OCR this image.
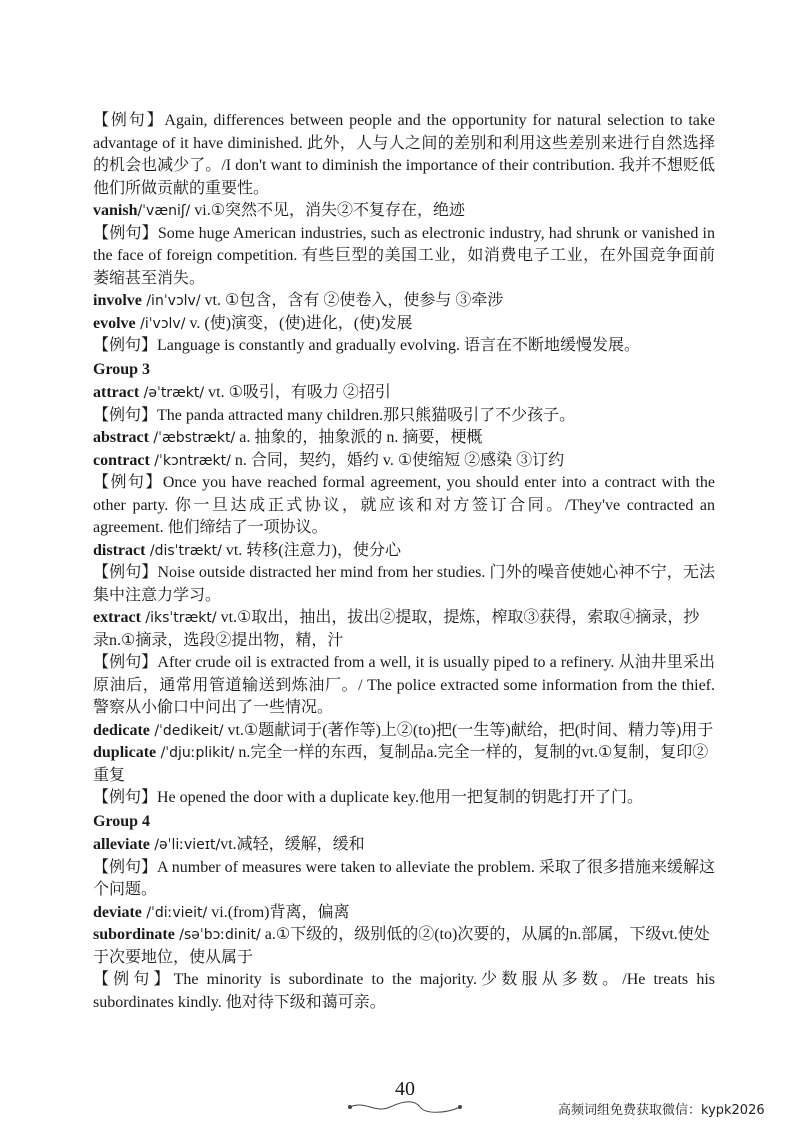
【例句】Again, differences between people and the opportunity for natural selection to take advantage of it have diminished. 此外，人与人之间的差别和利用这些差别来进行自然选择的机会也减少了。/I don't want to diminish the importance of their contribution. 我并不想贬低他们所做贡献的重要性。

vanish/ˈvæniʃ/ vi.①突然不见，消失②不复存在，绝迹

【例句】Some huge American industries, such as electronic industry, had shrunk or vanished in the face of foreign competition. 有些巨型的美国工业，如消费电子工业，在外国竞争面前萎缩甚至消失。

involve /inˈvɔlv/ vt. ①包含，含有 ②使卷入，使参与 ③牵涉
evolve /iˈvɔlv/ v. (使)演变，(使)进化，(使)发展

【例句】Language is constantly and gradually evolving. 语言在不断地缓慢发展。

Group 3
attract /əˈtrækt/ vt. ①吸引，有吸力 ②招引

【例句】The panda attracted many children.那只熊猫吸引了不少孩子。

abstract /ˈæbstrækt/ a. 抽象的，抽象派的 n. 摘要，梗概
contract /ˈkɔntrækt/ n. 合同，契约，婚约 v. ①使缩短 ②感染 ③订约

【例句】Once you have reached formal agreement, you should enter into a contract with the other party. 你一旦达成正式协议，就应该和对方签订合同。/They've contracted an agreement. 他们缔结了一项协议。

distract /disˈtrækt/ vt. 转移(注意力)，使分心

【例句】Noise outside distracted her mind from her studies. 门外的噪音使她心神不宁，无法集中注意力学习。

extract /iksˈtrækt/ vt.①取出，抽出，拔出②提取，提炼，榨取③获得，索取④摘录，抄录n.①摘录，选段②提出物，精，汁

【例句】After crude oil is extracted from a well, it is usually piped to a refinery. 从油井里采出原油后，通常用管道输送到炼油厂。/ The police extracted some information from the thief. 警察从小偷口中问出了一些情况。

dedicate /ˈdedikeit/ vt.①题献词于(著作等)上②(to)把(一生等)献给，把(时间、精力等)用于
duplicate /ˈdjuːplikit/ n.完全一样的东西，复制品a.完全一样的，复制的vt.①复制，复印②重复

【例句】He opened the door with a duplicate key.他用一把复制的钥匙打开了门。

Group 4
alleviate /əˈliːvieɪt/vt.减轻，缓解，缓和

【例句】A number of measures were taken to alleviate the problem. 采取了很多措施来缓解这个问题。

deviate /ˈdiːvieit/ vi.(from)背离，偏离
subordinate /səˈbɔːdinit/ a.①下级的，级别低的②(to)次要的，从属的n.部属，下级vt.使处于次要地位，使从属于

【例句】The minority is subordinate to the majority.少数服从多数。/He treats his subordinates kindly. 他对待下级和蔼可亲。

40
高频词组免费获取微信：kypk2026
